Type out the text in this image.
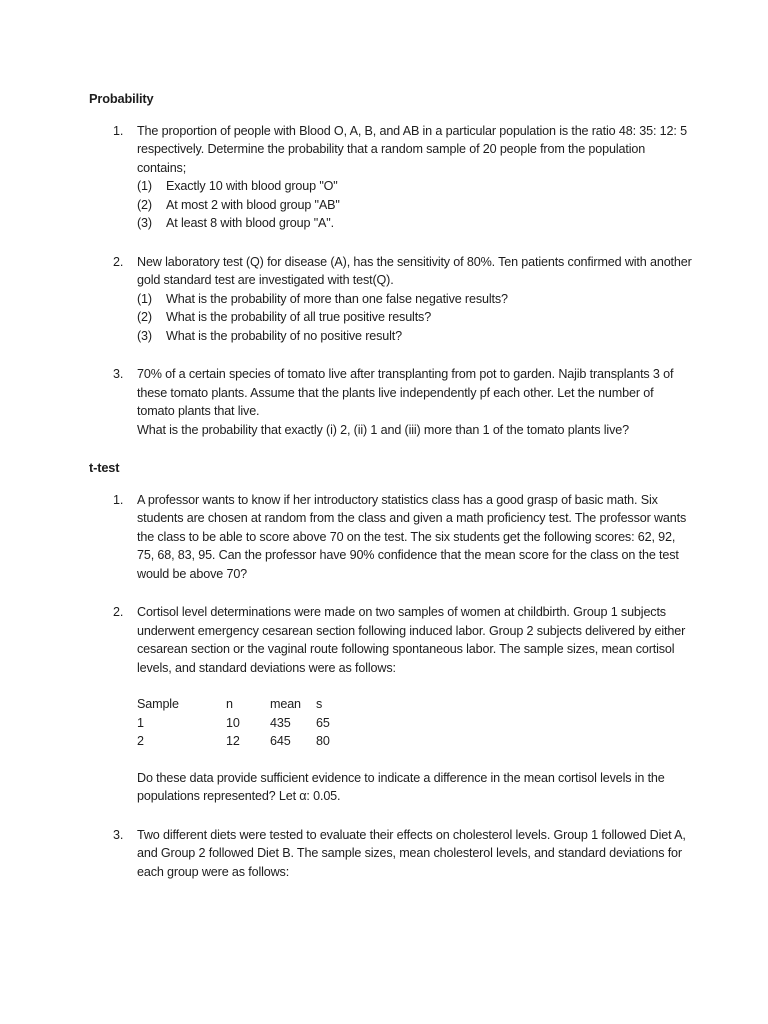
Probability
1.	The proportion of people with Blood O, A, B, and AB in a particular population is the ratio 48: 35: 12: 5 respectively. Determine the probability that a random sample of 20 people from the population contains;

(1)	Exactly 10 with blood group "O"
(2)	At most 2 with blood group "AB"
(3)	At least 8 with blood group "A".
2.	New laboratory test (Q) for disease (A), has the sensitivity of 80%. Ten patients confirmed with another gold standard test are investigated with test(Q).

(1)	What is the probability of more than one false negative results?
(2)	What is the probability of all true positive results?
(3)	What is the probability of no positive result?
3.	70% of a certain species of tomato live after transplanting from pot to garden. Najib transplants 3 of these tomato plants. Assume that the plants live independently pf each other. Let the number of tomato plants that live.

What is the probability that exactly (i) 2, (ii) 1 and (iii) more than 1 of the tomato plants live?

t-test
1.	A professor wants to know if her introductory statistics class has a good grasp of basic math. Six students are chosen at random from the class and given a math proficiency test. The professor wants the class to be able to score above 70 on the test. The six students get the following scores: 62, 92, 75, 68, 83, 95. Can the professor have 90% confidence that the mean score for the class on the test would be above 70?

2.	Cortisol level determinations were made on two samples of women at childbirth. Group 1 subjects underwent emergency cesarean section following induced labor. Group 2 subjects delivered by either cesarean section or the vaginal route following spontaneous labor. The sample sizes, mean cortisol levels, and standard deviations were as follows:

Sample	n	mean	s
1	10	435	65
2	12	645	80

Do these data provide sufficient evidence to indicate a difference in the mean cortisol levels in the populations represented? Let α: 0.05.

3.	Two different diets were tested to evaluate their effects on cholesterol levels. Group 1 followed Diet A, and Group 2 followed Diet B. The sample sizes, mean cholesterol levels, and standard deviations for each group were as follows:
